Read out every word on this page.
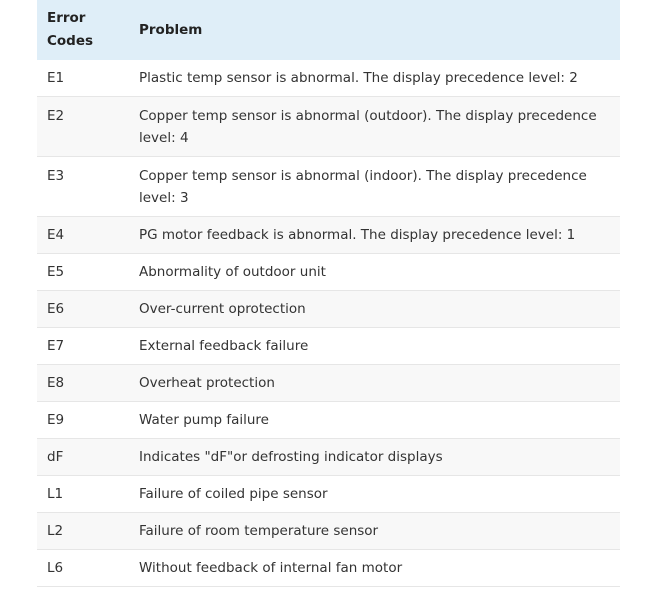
Error Codes	Problem
E1	Plastic temp sensor is abnormal. The display precedence level: 2
E2	Copper temp sensor is abnormal (outdoor). The display precedence level: 4
E3	Copper temp sensor is abnormal (indoor). The display precedence level: 3
E4	PG motor feedback is abnormal. The display precedence level: 1
E5	Abnormality of outdoor unit
E6	Over-current oprotection
E7	External feedback failure
E8	Overheat protection
E9	Water pump failure
dF	Indicates "dF"or defrosting indicator displays
L1	Failure of coiled pipe sensor
L2	Failure of room temperature sensor
L6	Without feedback of internal fan motor
